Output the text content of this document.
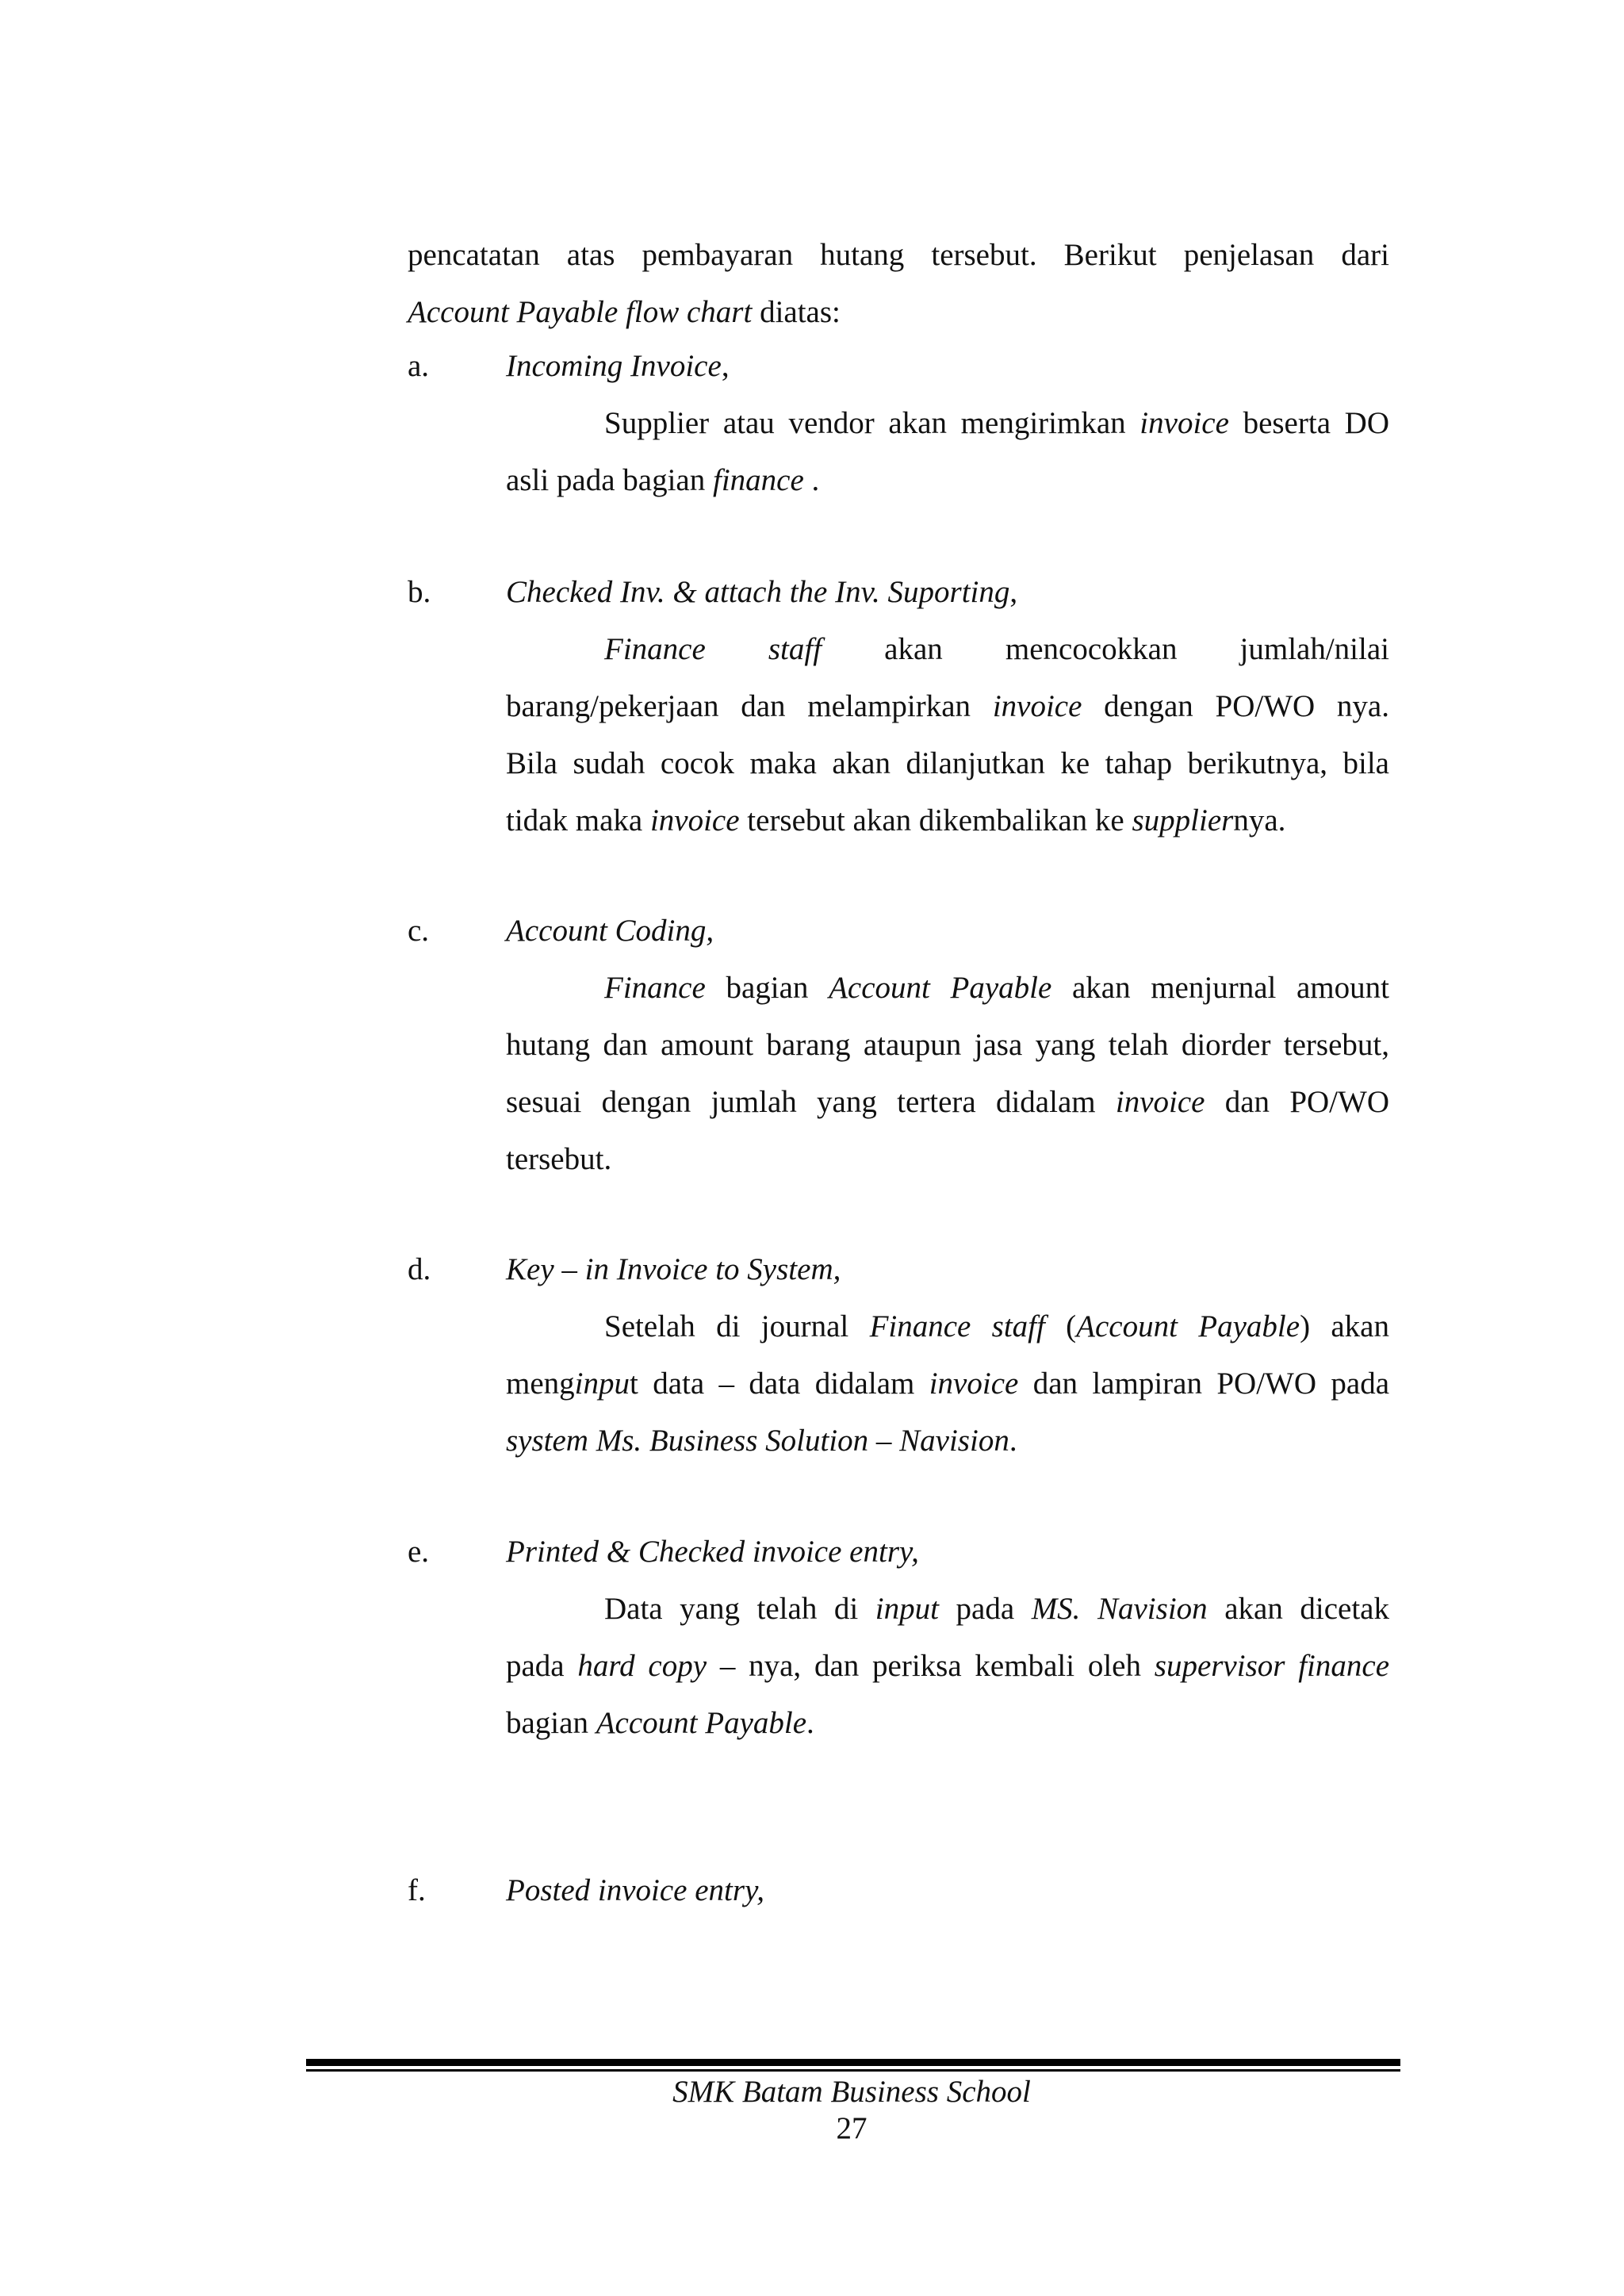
pencatatan atas pembayaran hutang tersebut. Berikut penjelasan dari
Account Payable flow chart diatas:
a. Incoming Invoice,
Supplier atau vendor akan mengirimkan invoice beserta DO
asli pada bagian finance .
b. Checked Inv. & attach the Inv. Suporting,
Finance staff akan mencocokkan jumlah/nilai
barang/pekerjaan dan melampirkan invoice dengan PO/WO nya.
Bila sudah cocok maka akan dilanjutkan ke tahap berikutnya, bila
tidak maka invoice tersebut akan dikembalikan ke suppliernya.
c. Account Coding,
Finance bagian Account Payable akan menjurnal amount
hutang dan amount barang ataupun jasa yang telah diorder tersebut,
sesuai dengan jumlah yang tertera didalam invoice dan PO/WO
tersebut.
d. Key – in Invoice to System,
Setelah di journal Finance staff (Account Payable) akan
menginput data – data didalam invoice dan lampiran PO/WO pada
system Ms. Business Solution – Navision.
e. Printed & Checked invoice entry,
Data yang telah di input pada MS. Navision akan dicetak
pada hard copy – nya, dan periksa kembali oleh supervisor finance
bagian Account Payable.
f.	Posted invoice entry,
SMK Batam Business School
27
